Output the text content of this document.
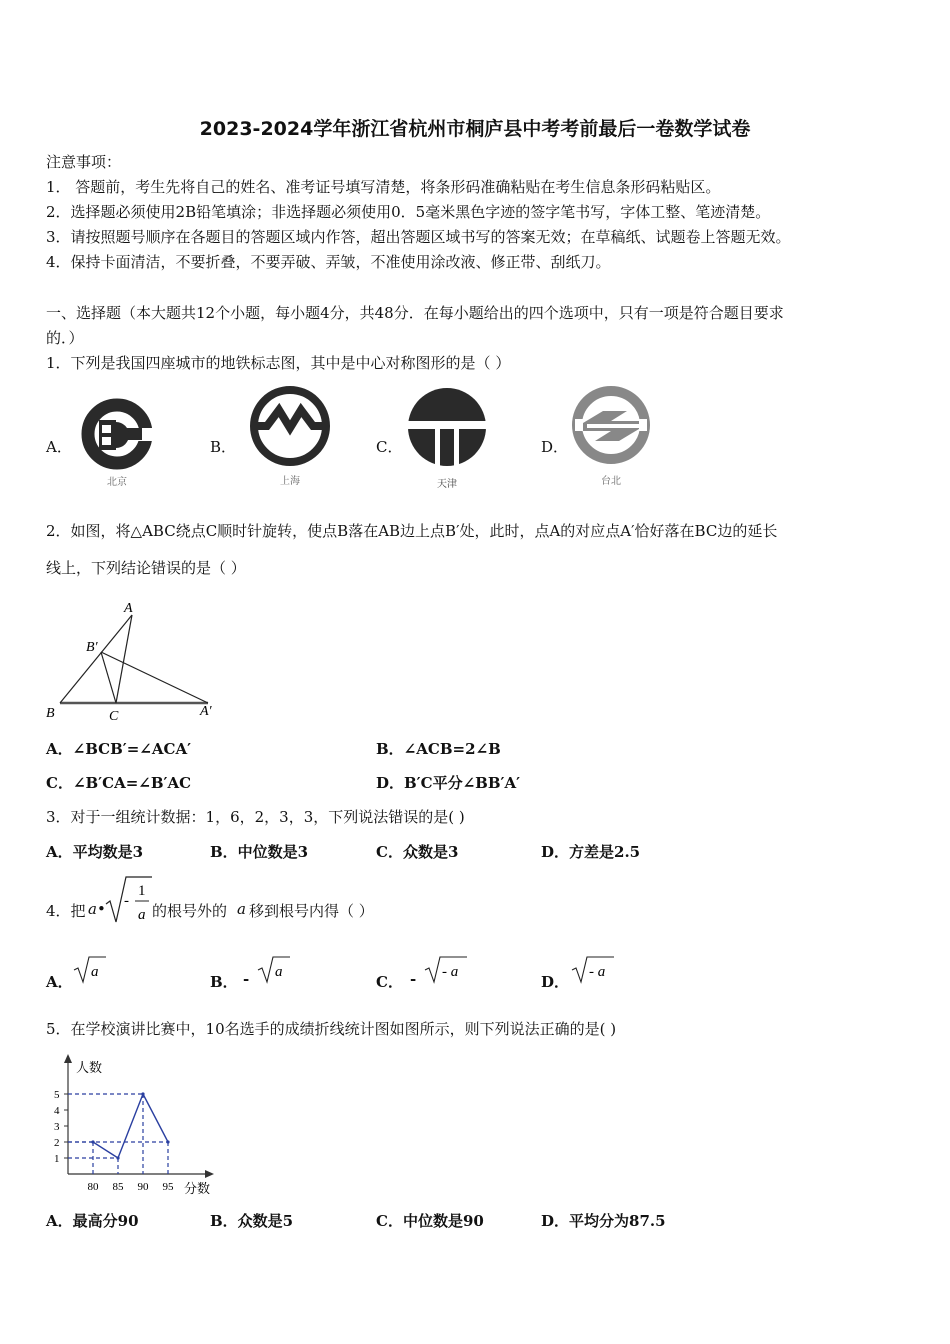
2023-2024学年浙江省杭州市桐庐县中考考前最后一卷数学试卷
注意事项：
1． 答题前，考生先将自己的姓名、准考证号填写清楚，将条形码准确粘贴在考生信息条形码粘贴区。
2．选择题必须使用2B铅笔填涂；非选择题必须使用0．5毫米黑色字迹的签字笔书写，字体工整、笔迹清楚。
3．请按照题号顺序在各题目的答题区域内作答，超出答题区域书写的答案无效；在草稿纸、试题卷上答题无效。
4．保持卡面清洁，不要折叠，不要弄破、弄皱，不准使用涂改液、修正带、刮纸刀。
一、选择题（本大题共12个小题，每小题4分，共48分．在每小题给出的四个选项中，只有一项是符合题目要求
的．）
1．下列是我国四座城市的地铁标志图，其中是中心对称图形的是（ ）
A．
北京
B．
上海
C．
天津
D．
台北
2．如图，将△ABC绕点C顺时针旋转，使点B落在AB边上点B′处，此时，点A的对应点A′恰好落在BC边的延长
线上，下列结论错误的是（ ）
A
B′
B	C	A′
A．∠BCB′=∠ACA′	B．∠ACB=2∠B
C．∠B′CA=∠B′AC	D．B′C平分∠BB′A′
3．对于一组统计数据：1，6，2，3，3，下列说法错误的是( )
A．平均数是3	B．中位数是3	C．众数是3	D．方差是2.5
4．把 a• -
1
a 的根号外的 a 移到根号内得（ ）
A．
a
B． - a
C． - - a
D．
- a
5．在学校演讲比赛中，10名选手的成绩折线统计图如图所示，则下列说法正确的是( )
人数
分数
1
2
3
4
5
80 85 90 95
A．最高分90	B．众数是5	C．中位数是90	D．平均分为87.5
